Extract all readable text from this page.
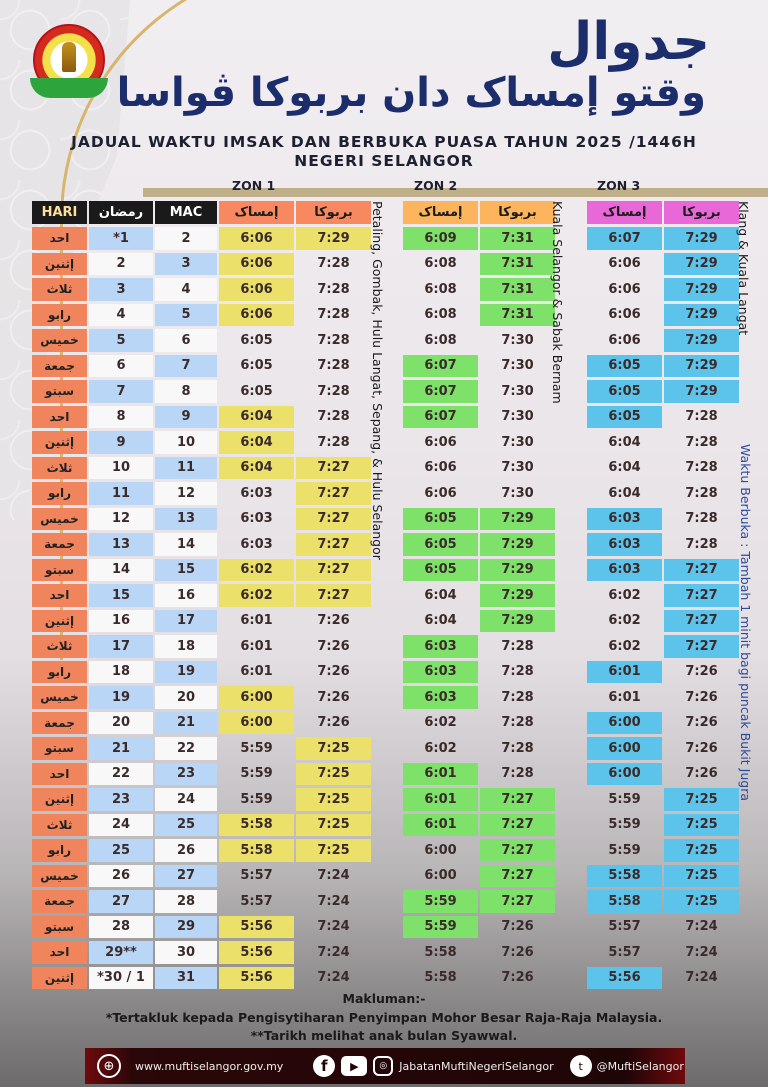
جدوال
وقتو إمساک دان بربوکا ڤواسا
JADUAL WAKTU IMSAK DAN BERBUKA PUASA TAHUN 2025 /1446H
NEGERI SELANGOR
ZON 1	ZON 2	ZON 3
HARI	رمضان	MAC	إمساک	بربوکا		إمساک	بربوکا		إمساک	بربوکا
احد	*1	2	6:06	7:29		6:09	7:31		6:07	7:29
إثنين	2	3	6:06	7:28		6:08	7:31		6:06	7:29
ثلاث	3	4	6:06	7:28		6:08	7:31		6:06	7:29
رابو	4	5	6:06	7:28		6:08	7:31		6:06	7:29
خميس	5	6	6:05	7:28		6:08	7:30		6:06	7:29
جمعة	6	7	6:05	7:28		6:07	7:30		6:05	7:29
سبتو	7	8	6:05	7:28		6:07	7:30		6:05	7:29
احد	8	9	6:04	7:28		6:07	7:30		6:05	7:28
إثنين	9	10	6:04	7:28		6:06	7:30		6:04	7:28
ثلاث	10	11	6:04	7:27		6:06	7:30		6:04	7:28
رابو	11	12	6:03	7:27		6:06	7:30		6:04	7:28
خميس	12	13	6:03	7:27		6:05	7:29		6:03	7:28
جمعة	13	14	6:03	7:27		6:05	7:29		6:03	7:28
سبتو	14	15	6:02	7:27		6:05	7:29		6:03	7:27
احد	15	16	6:02	7:27		6:04	7:29		6:02	7:27
إثنين	16	17	6:01	7:26		6:04	7:29		6:02	7:27
ثلاث	17	18	6:01	7:26		6:03	7:28		6:02	7:27
رابو	18	19	6:01	7:26		6:03	7:28		6:01	7:26
خميس	19	20	6:00	7:26		6:03	7:28		6:01	7:26
جمعة	20	21	6:00	7:26		6:02	7:28		6:00	7:26
سبتو	21	22	5:59	7:25		6:02	7:28		6:00	7:26
احد	22	23	5:59	7:25		6:01	7:28		6:00	7:26
إثنين	23	24	5:59	7:25		6:01	7:27		5:59	7:25
ثلاث	24	25	5:58	7:25		6:01	7:27		5:59	7:25
رابو	25	26	5:58	7:25		6:00	7:27		5:59	7:25
خميس	26	27	5:57	7:24		6:00	7:27		5:58	7:25
جمعة	27	28	5:57	7:24		5:59	7:27		5:58	7:25
سبتو	28	29	5:56	7:24		5:59	7:26		5:57	7:24
احد	29**	30	5:56	7:24		5:58	7:26		5:57	7:24
إثنين	*30 / 1	31	5:56	7:24		5:58	7:26		5:56	7:24
Petaling, Gombak, Hulu Langat, Sepang, & Hulu Selangor	Kuala Selangor & Sabak Bernam	Klang & Kuala Langat
Waktu Berbuka : Tambah 1 minit bagi puncak Bukit Jugra
Makluman:-
*Tertakluk kepada Pengisytiharan Penyimpan Mohor Besar Raja-Raja Malaysia.
**Tarikh melihat anak bulan Syawwal.
⊕	www.muftiselangor.gov.my	f	▶	◎	JabatanMuftiNegeriSelangor	t	@MuftiSelangor
